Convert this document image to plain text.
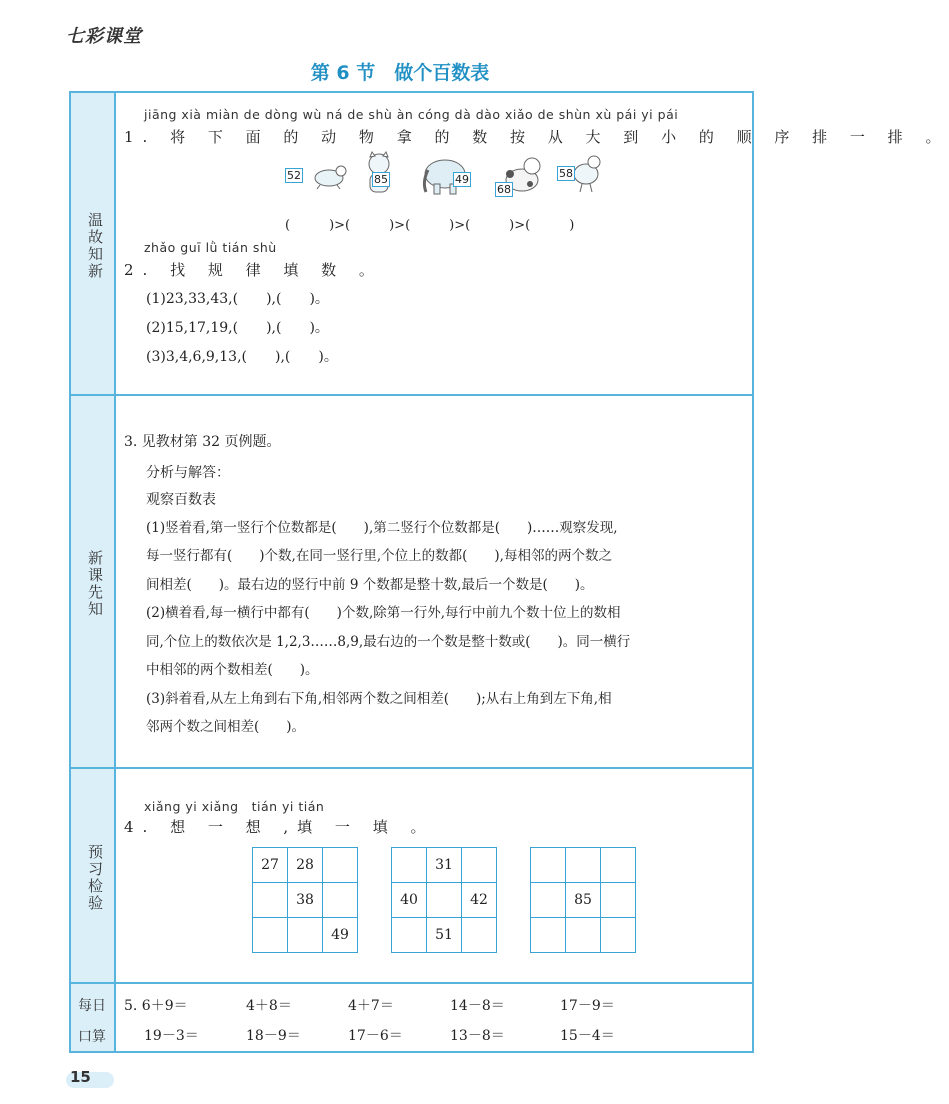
七彩课堂
第 6 节　做个百数表
温故知新
新课先知
预习检验
每日
口算
jiāng xià miàn de dòng wù ná de shù àn cóng dà dào xiǎo de shùn xù pái yi pái
1. 将 下 面 的 动 物 拿 的 数 按 从 大 到 小 的 顺 序 排 一 排 。
52	85	49
68
58
(　　　)>(　　　)>(　　　)>(　　　)>(　　　)
zhǎo guī lǜ tián shù
2. 找 规 律 填 数 。
(1)23,33,43,(　　),(　　)。
(2)15,17,19,(　　),(　　)。
(3)3,4,6,9,13,(　　),(　　)。
3. 见教材第 32 页例题。
分析与解答：
观察百数表
(1)竖着看,第一竖行个位数都是(　　),第二竖行个位数都是(　　)……观察发现,
每一竖行都有(　　)个数,在同一竖行里,个位上的数都(　　),每相邻的两个数之
间相差(　　)。最右边的竖行中前 9 个数都是整十数,最后一个数是(　　)。
(2)横着看,每一横行中都有(　　)个数,除第一行外,每行中前九个数十位上的数相
同,个位上的数依次是 1,2,3……8,9,最右边的一个数是整十数或(　　)。同一横行
中相邻的两个数相差(　　)。
(3)斜着看,从左上角到右下角,相邻两个数之间相差(　　);从右上角到左下角,相
邻两个数之间相差(　　)。
xiǎng yi xiǎng　tián yi tián
4. 想 一 想 ,填 一 填 。
27	28	
	38	
		49
	31	
40		42
	51	

	85	

5. 6＋9＝	4＋8＝	4＋7＝	14－8＝	17－9＝
19－3＝	18－9＝	17－6＝	13－8＝	15－4＝
15
